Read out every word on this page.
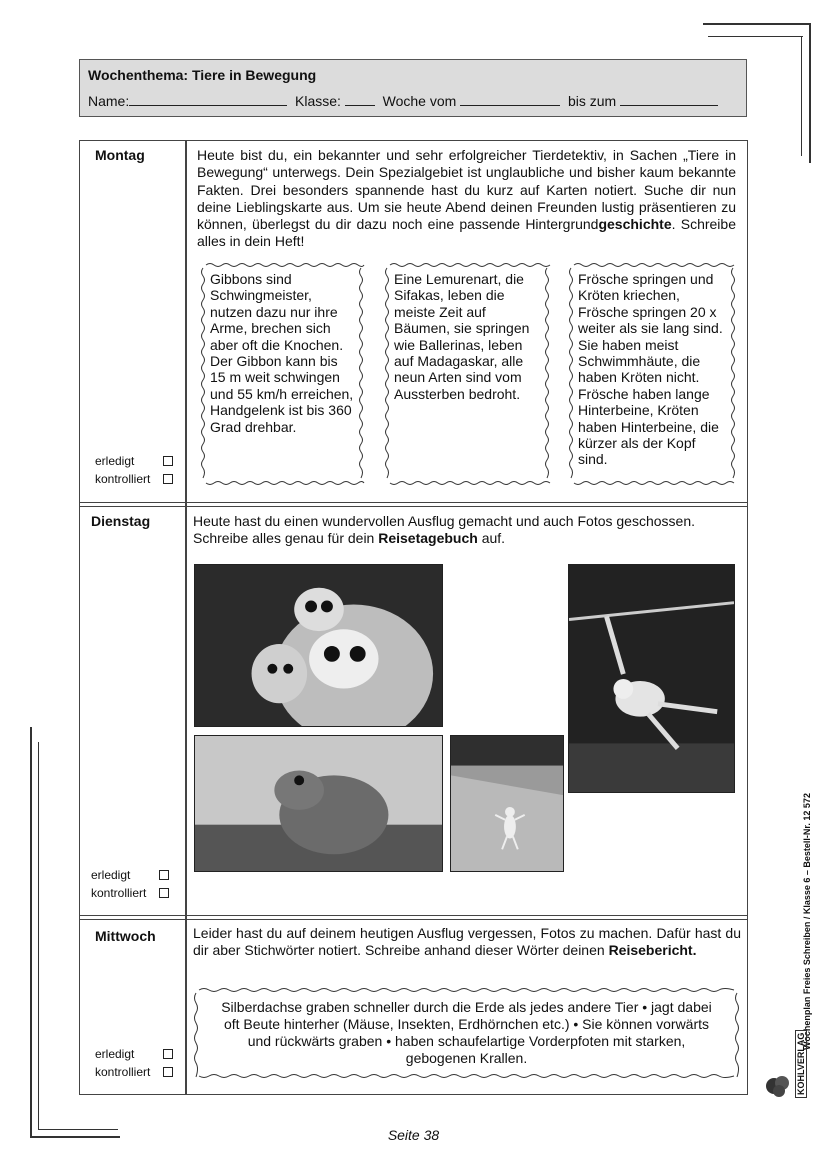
Wochenthema: Tiere in Bewegung
Name:	Klasse:	Woche vom	bis zum
Montag
erledigt
kontrolliert
Heute bist du, ein bekannter und sehr erfolgreicher Tierdetektiv, in Sachen „Tiere in Bewegung“ unterwegs. Dein Spezialgebiet ist unglaubliche und bisher kaum bekannte Fakten. Drei besonders spannende hast du kurz auf Karten notiert. Suche dir nun deine Lieblingskarte aus. Um sie heute Abend deinen Freunden lustig präsentieren zu können, überlegst du dir dazu noch eine passende Hintergrundgeschichte. Schreibe alles in dein Heft!
Gibbons sind Schwingmeister, nutzen dazu nur ihre Arme, brechen sich aber oft die Knochen. Der Gibbon kann bis 15 m weit schwingen und 55 km/h erreichen, Handgelenk ist bis 360 Grad drehbar.
Eine Lemurenart, die Sifakas, leben die meiste Zeit auf Bäumen, sie springen wie Ballerinas, leben auf Madagaskar, alle neun Arten sind vom Aussterben bedroht.
Frösche springen und Kröten kriechen, Frösche springen 20 x weiter als sie lang sind. Sie haben meist Schwimmhäute, die haben Kröten nicht. Frösche haben lange Hinterbeine, Kröten haben Hinterbeine, die kürzer als der Kopf sind.
Dienstag
erledigt
kontrolliert
Heute hast du einen wundervollen Ausflug gemacht und auch Fotos geschossen. Schreibe alles genau für dein Reisetagebuch auf.
Mittwoch
erledigt
kontrolliert
Leider hast du auf deinem heutigen Ausflug vergessen, Fotos zu machen. Dafür hast du dir aber Stichwörter notiert. Schreibe anhand dieser Wörter deinen Reisebericht.
Silberdachse graben schneller durch die Erde als jedes andere Tier • jagt dabei oft Beute hinterher (Mäuse, Insekten, Erdhörnchen etc.) • Sie können vorwärts und rückwärts graben • haben schaufelartige Vorderpfoten mit starken, gebogenen Krallen.
Wochenplan Freies Schreiben / Klasse 6 – Bestell-Nr. 12 572
KOHLVERLAG
Seite 38
